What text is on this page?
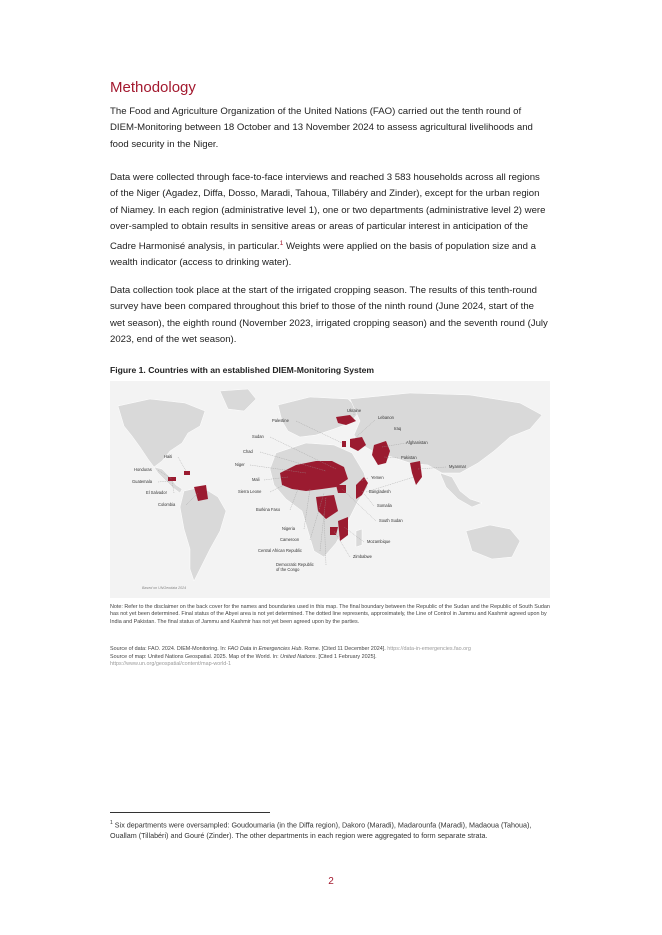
Methodology
The Food and Agriculture Organization of the United Nations (FAO) carried out the tenth round of DIEM-Monitoring between 18 October and 13 November 2024 to assess agricultural livelihoods and food security in the Niger.
Data were collected through face-to-face interviews and reached 3 583 households across all regions of the Niger (Agadez, Diffa, Dosso, Maradi, Tahoua, Tillabéry and Zinder), except for the urban region of Niamey. In each region (administrative level 1), one or two departments (administrative level 2) were over-sampled to obtain results in sensitive areas or areas of particular interest in anticipation of the Cadre Harmonisé analysis, in particular.$^1$ Weights were applied on the basis of population size and a wealth indicator (access to drinking water).
Data collection took place at the start of the irrigated cropping season. The results of this tenth-round survey have been compared throughout this brief to those of the ninth round (June 2024, start of the wet season), the eighth round (November 2023, irrigated cropping season) and the seventh round (July 2023, end of the wet season).
Figure 1. Countries with an established DIEM-Monitoring System
Ukraine
Palestine
Lebanon
Iraq
Sudan
Afghanistan
Chad
Pakistan
Haiti
Niger	Myanmar
Honduras
Guatemala	Mali	Yemen
El Salvador	Bangladesh
Sierra Leone
Colombia	Somalia
Burkina Faso
South Sudan
Nigeria
Cameroon	Mozambique
Central African Republic
Zimbabwe
Democratic Republic
of the Congo
Based on UNGeodata 2024
Note: Refer to the disclaimer on the back cover for the names and boundaries used in this map. The final boundary between the Republic of the Sudan and the Republic of South Sudan has not yet been determined. Final status of the Abyei area is not yet determined. The dotted line represents, approximately, the Line of Control in Jammu and Kashmir agreed upon by India and Pakistan. The final status of Jammu and Kashmir has not yet been agreed upon by the parties.
Source of data: FAO. 2024. DIEM-Monitoring. In: FAO Data in Emergencies Hub. Rome. [Cited 11 December 2024]. https://data-in-emergencies.fao.org
Source of map: United Nations Geospatial. 2025. Map of the World. In: United Nations. [Cited 1 February 2025].
https://www.un.org/geospatial/content/map-world-1
$^1$ Six departments were oversampled: Goudoumaria (in the Diffa region), Dakoro (Maradi), Madarounfa (Maradi), Madaoua (Tahoua), Ouallam (Tillabéri) and Gouré (Zinder). The other departments in each region were aggregated to form separate strata.
2
